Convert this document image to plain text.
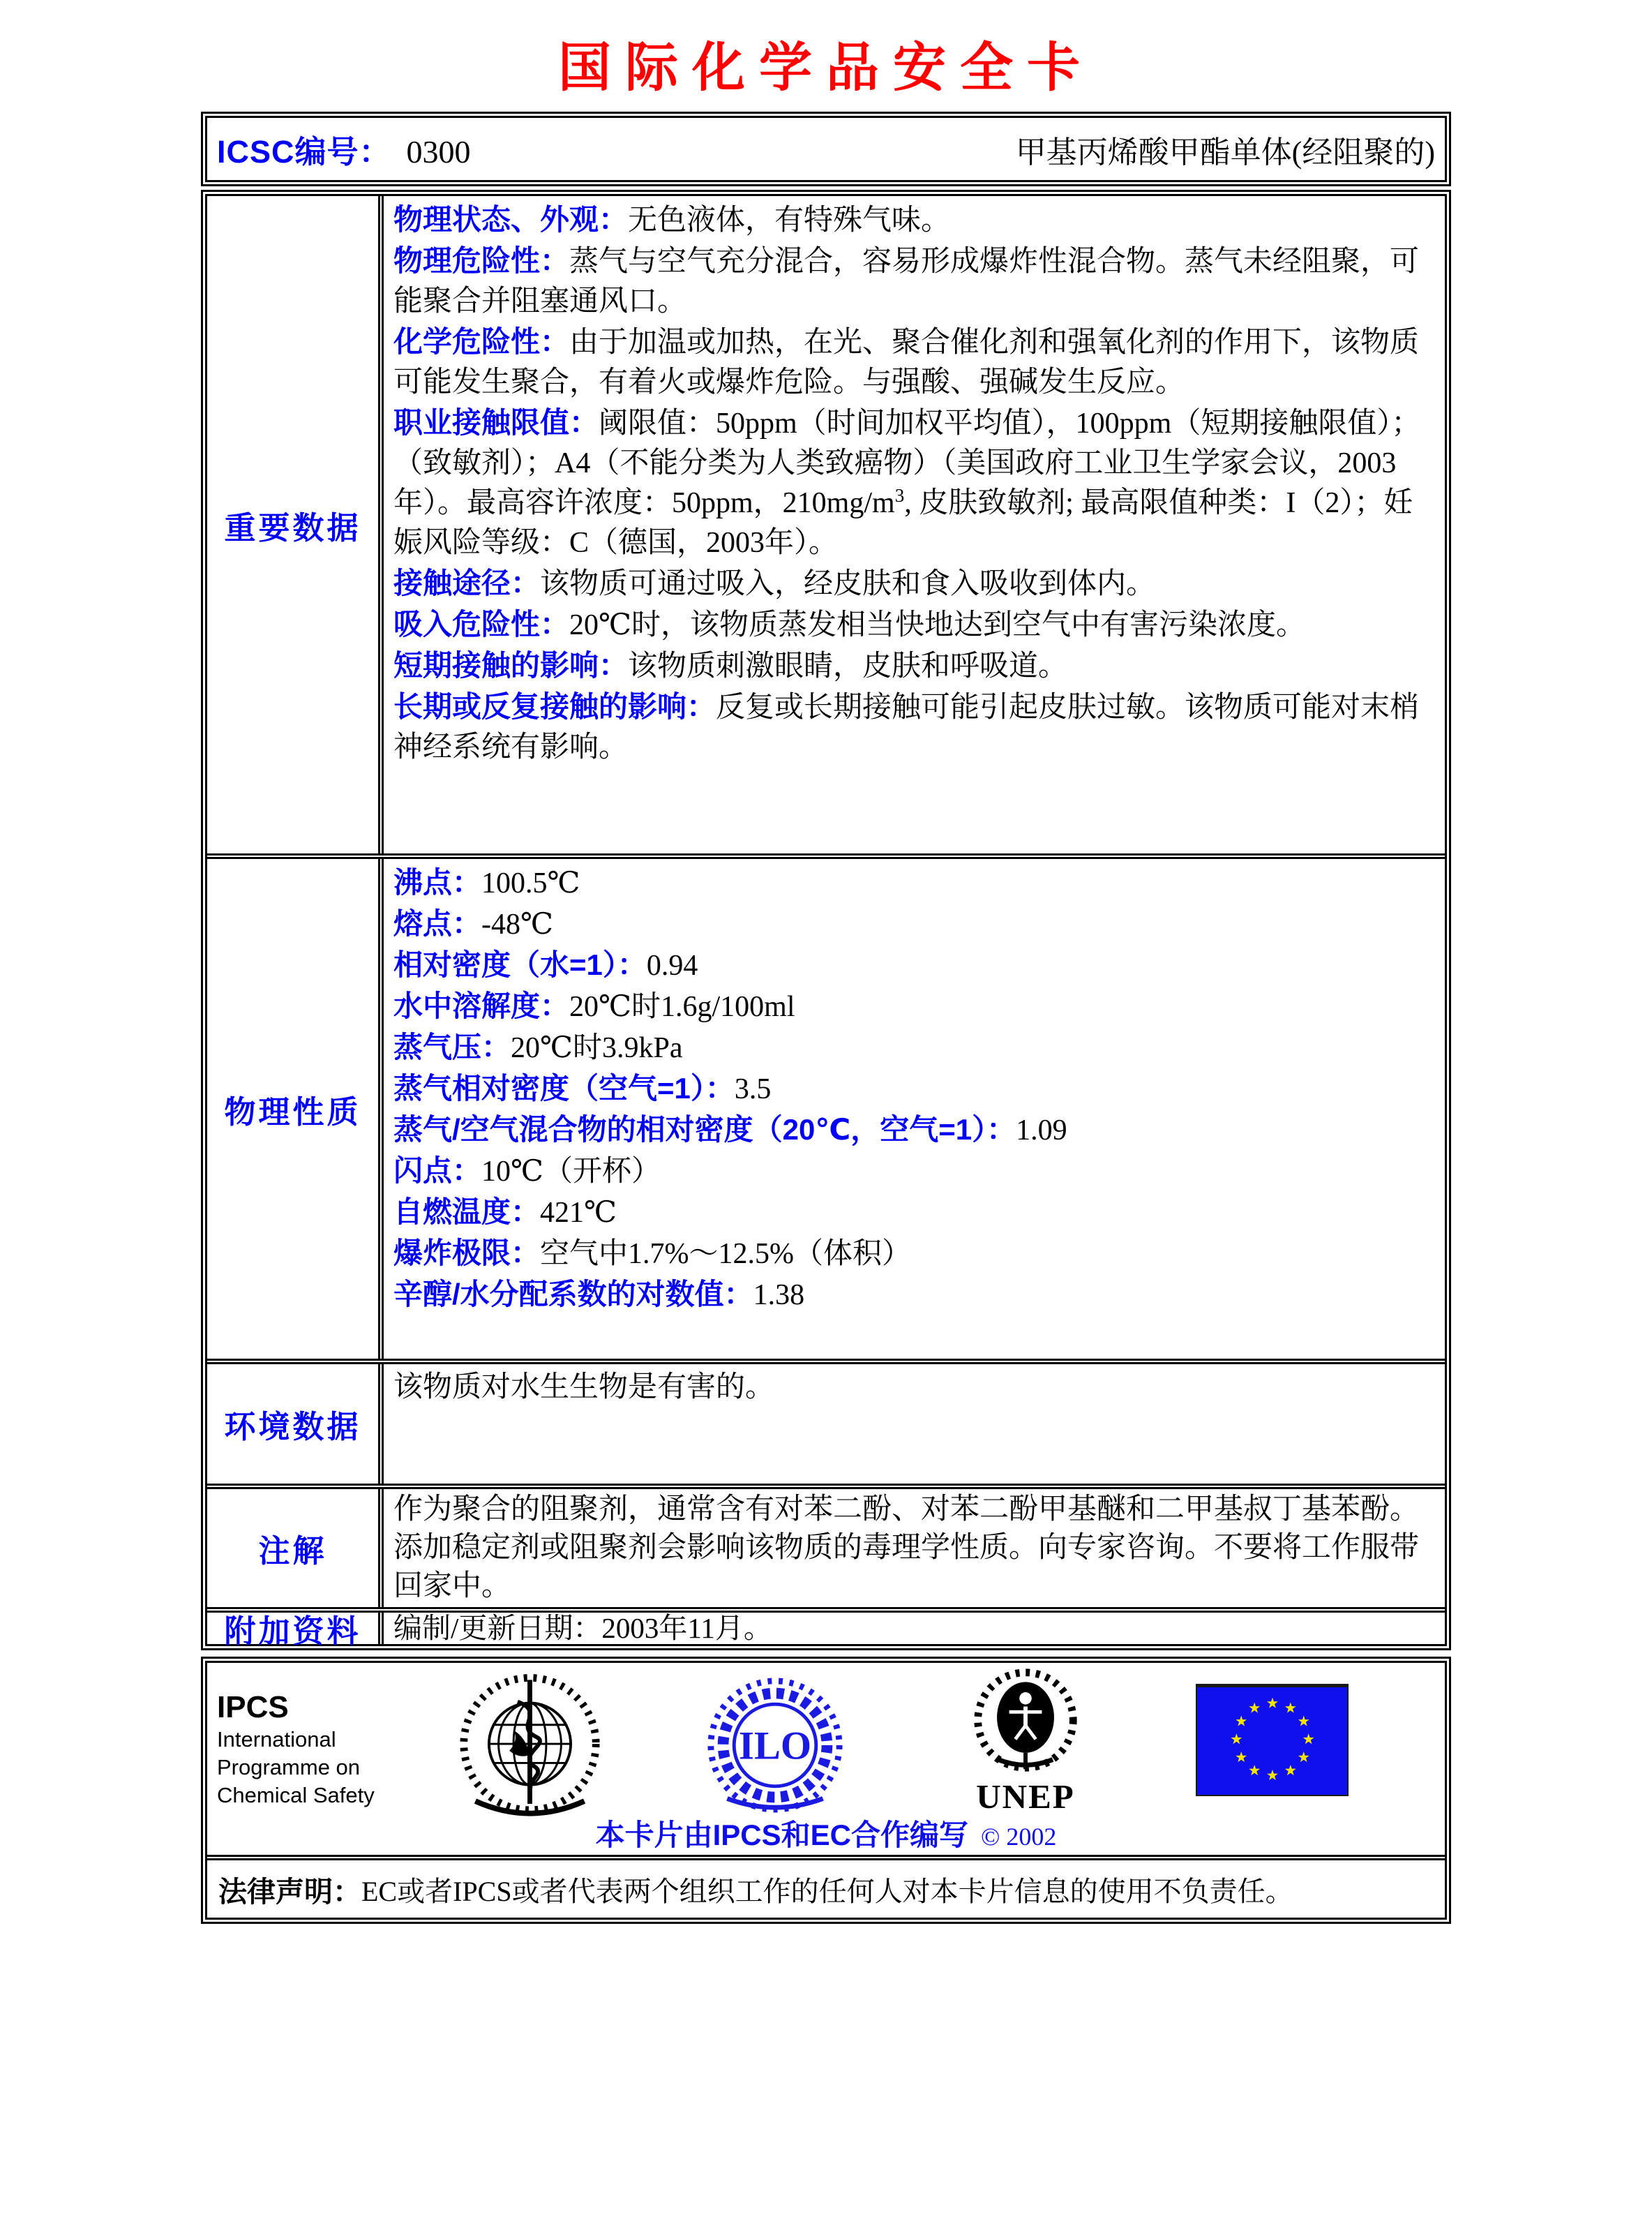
国际化学品安全卡
ICSC编号： 0300	甲基丙烯酸甲酯单体(经阻聚的)
重要数据
物理状态、外观：无色液体，有特殊气味。
物理危险性：蒸气与空气充分混合，容易形成爆炸性混合物。蒸气未经阻聚，可能聚合并阻塞通风口。
化学危险性：由于加温或加热，在光、聚合催化剂和强氧化剂的作用下，该物质可能发生聚合，有着火或爆炸危险。与强酸、强碱发生反应。
职业接触限值：阈限值：50ppm（时间加权平均值），100ppm（短期接触限值）；（致敏剂）；A4（不能分类为人类致癌物）（美国政府工业卫生学家会议，2003年）。最高容许浓度：50ppm，$210mg/m^3$, 皮肤致敏剂; 最高限值种类：I（2）；妊娠风险等级：C（德国，2003年）。
接触途径：该物质可通过吸入，经皮肤和食入吸收到体内。
吸入危险性：20℃时，该物质蒸发相当快地达到空气中有害污染浓度。
短期接触的影响：该物质刺激眼睛，皮肤和呼吸道。
长期或反复接触的影响：反复或长期接触可能引起皮肤过敏。该物质可能对末梢神经系统有影响。
物理性质
沸点：100.5℃
熔点：-48℃
相对密度（水=1）：0.94
水中溶解度：20℃时1.6g/100ml
蒸气压：20℃时3.9kPa
蒸气相对密度（空气=1）：3.5
蒸气/空气混合物的相对密度（20℃，空气=1）：1.09
闪点：10℃（开杯）
自燃温度：421℃
爆炸极限：空气中1.7%～12.5%（体积）
辛醇/水分配系数的对数值：1.38
环境数据
该物质对水生生物是有害的。
注解
作为聚合的阻聚剂，通常含有对苯二酚、对苯二酚甲基醚和二甲基叔丁基苯酚。添加稳定剂或阻聚剂会影响该物质的毒理学性质。向专家咨询。不要将工作服带回家中。
附加资料	编制/更新日期：2003年11月。
IPCS
International
Programme on
Chemical Safety
ILO
UNEP
本卡片由IPCS和EC合作编写 © 2002
法律声明： EC或者IPCS或者代表两个组织工作的任何人对本卡片信息的使用不负责任。
